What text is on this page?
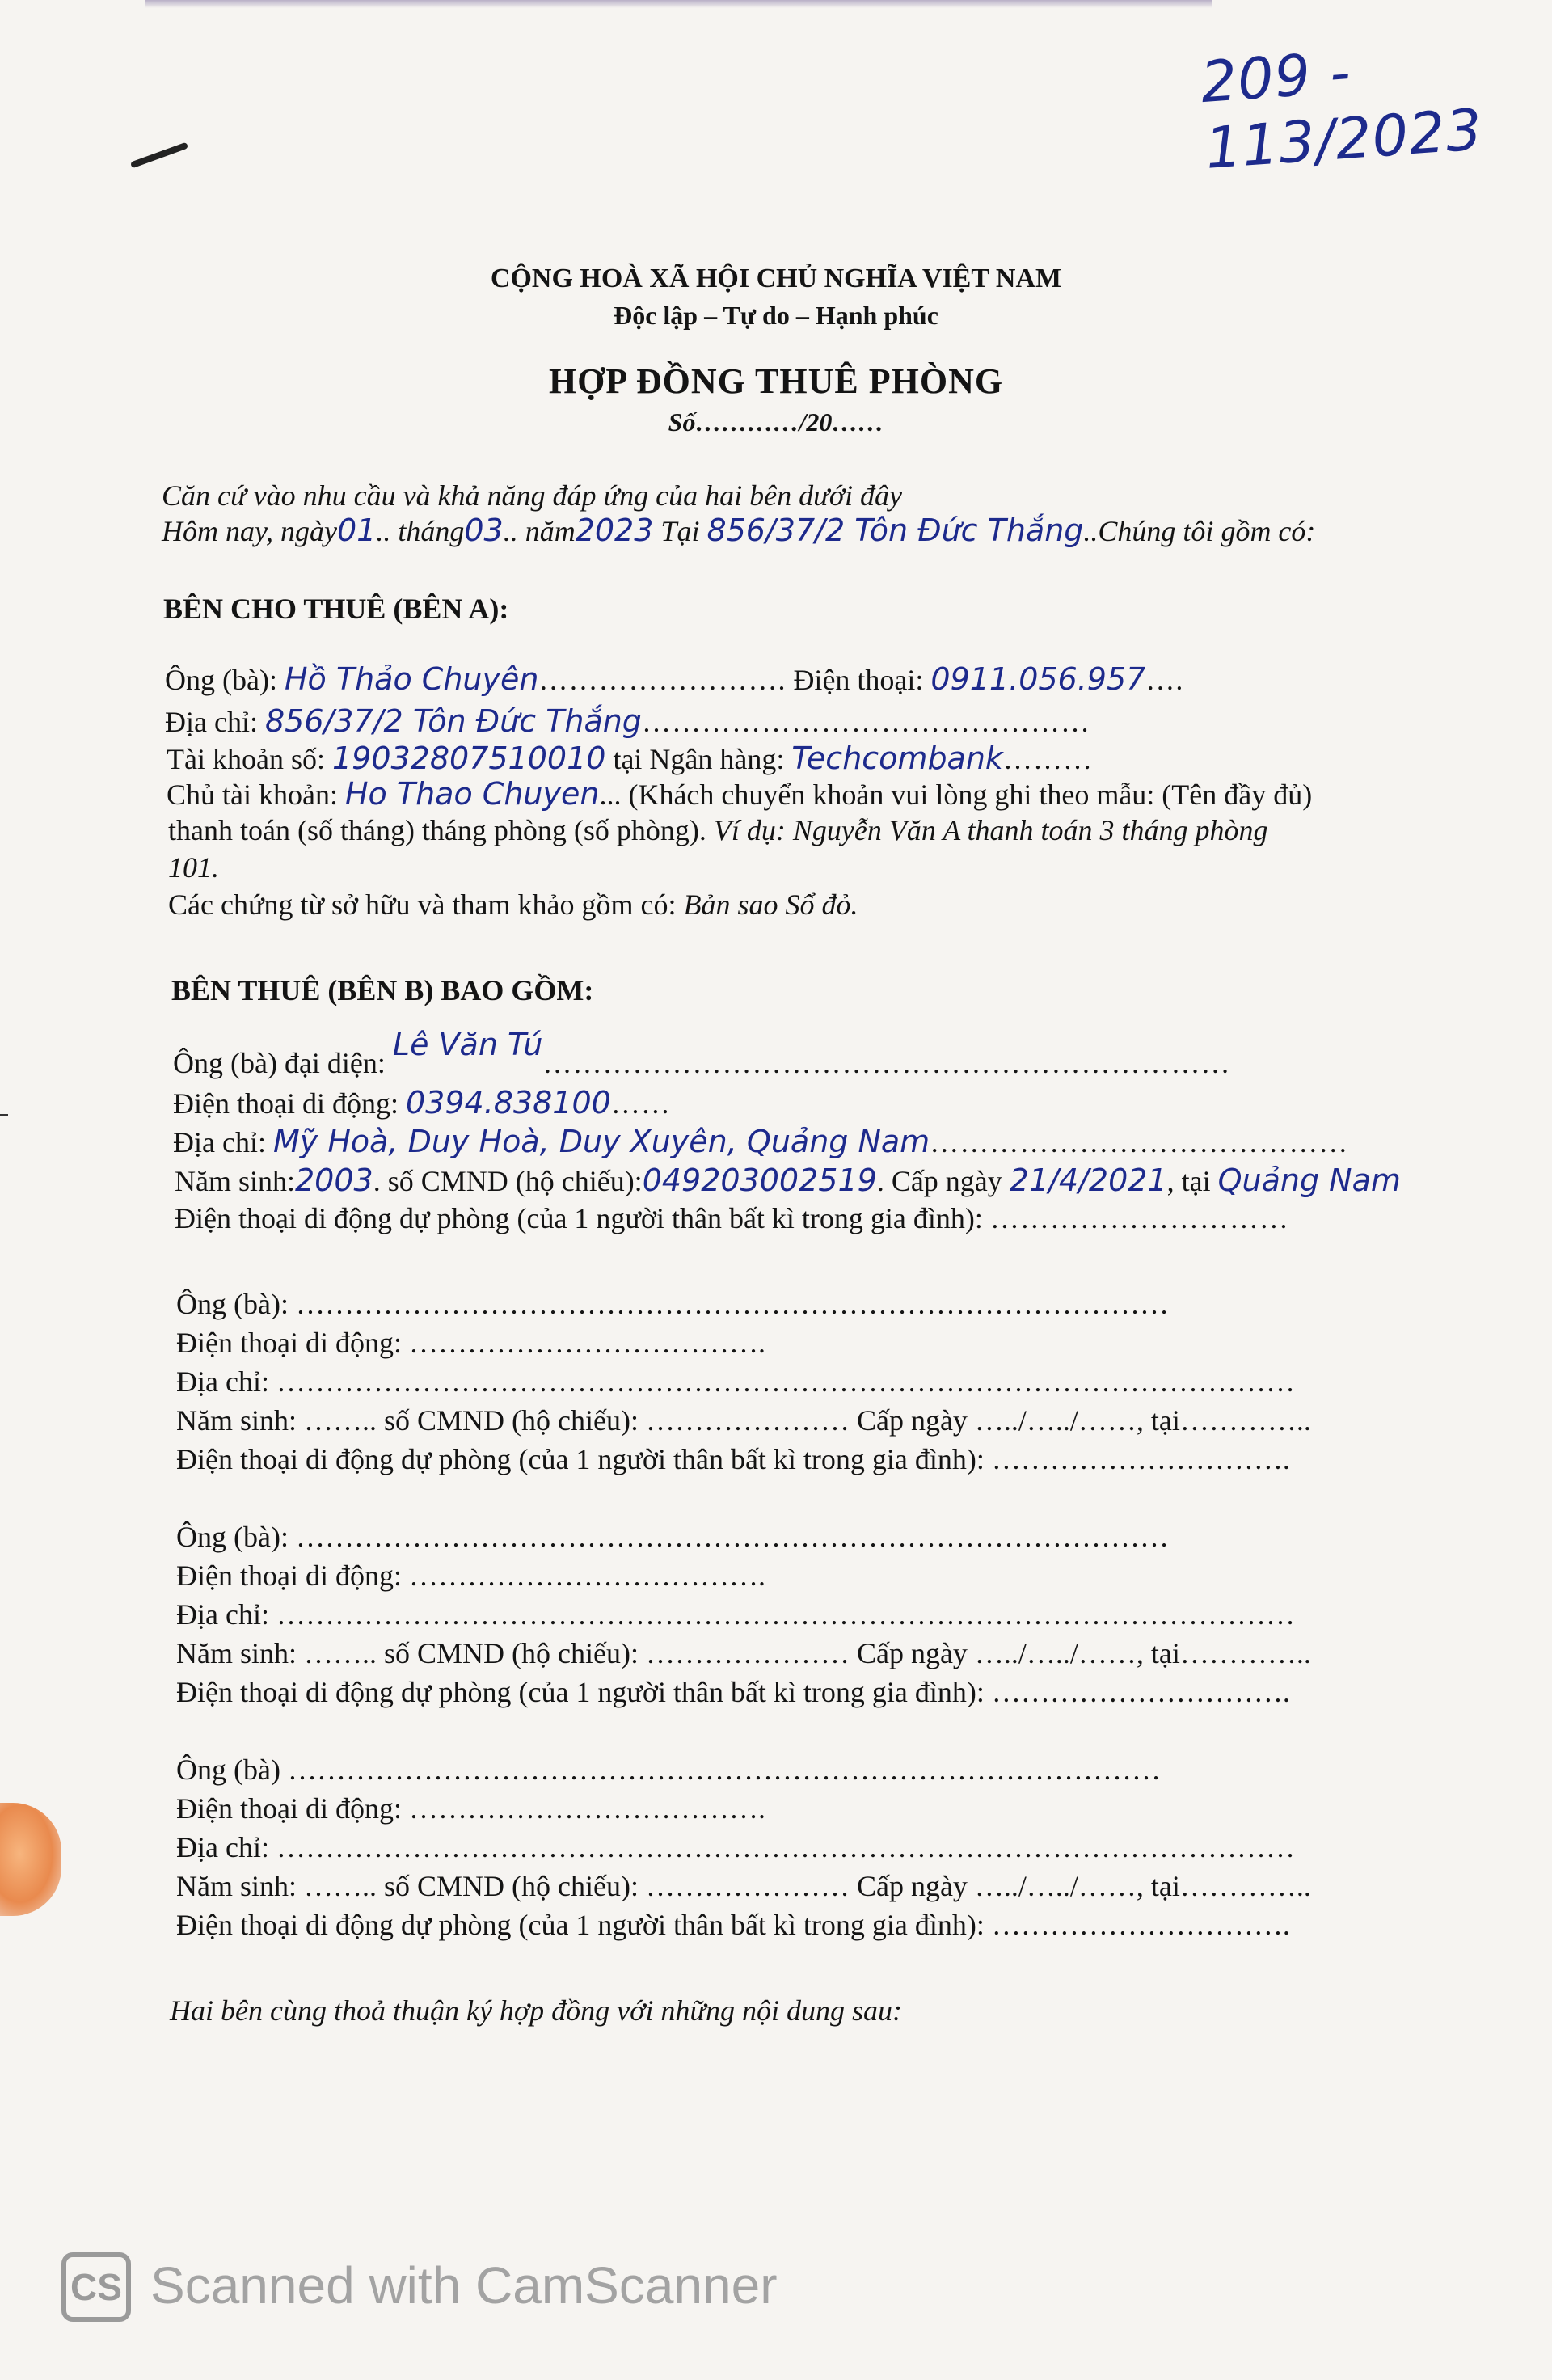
209 - 113/2023
CỘNG HOÀ XÃ HỘI CHỦ NGHĨA VIỆT NAM
Độc lập – Tự do – Hạnh phúc
HỢP ĐỒNG THUÊ PHÒNG
Số…………/20……
Căn cứ vào nhu cầu và khả năng đáp ứng của hai bên dưới đây
Hôm nay, ngày01.. tháng03.. năm2023 Tại 856/37/2 Tôn Đức Thắng..Chúng tôi gồm có:
BÊN CHO THUÊ (BÊN A):
Ông (bà): Hồ Thảo Chuyên……………………. Điện thoại: 0911.056.957….
Địa chỉ: 856/37/2 Tôn Đức Thắng………………………………………
Tài khoản số: 19032807510010 tại Ngân hàng: Techcombank………
Chủ tài khoản: Ho Thao Chuyen... (Khách chuyển khoản vui lòng ghi theo mẫu: (Tên đầy đủ)
thanh toán (số tháng) tháng phòng (số phòng). Ví dụ: Nguyễn Văn A thanh toán 3 tháng phòng
101.
Các chứng từ sở hữu và tham khảo gồm có: Bản sao Sổ đỏ.
BÊN THUÊ (BÊN B) BAO GỒM:
Ông (bà) đại diện: Lê Văn Tú……………………………………………………………
Điện thoại di động: 0394.838100……
Địa chỉ: Mỹ Hoà, Duy Hoà, Duy Xuyên, Quảng Nam……………………………………
Năm sinh:2003. số CMND (hộ chiếu):049203002519. Cấp ngày 21/4/2021, tại Quảng Nam
Điện thoại di động dự phòng (của 1 người thân bất kì trong gia đình): …………………………
Ông (bà): ………………………………………………………………………………
Điện thoại di động: ……………………………….
Địa chỉ: ……………………………………………………………………………………………
Năm sinh: …….. số CMND (hộ chiếu): ………………… Cấp ngày …../…../……, tại…………..
Điện thoại di động dự phòng (của 1 người thân bất kì trong gia đình): ………………………….
Ông (bà): ………………………………………………………………………………
Điện thoại di động: ……………………………….
Địa chỉ: ……………………………………………………………………………………………
Năm sinh: …….. số CMND (hộ chiếu): ………………… Cấp ngày …../…../……, tại…………..
Điện thoại di động dự phòng (của 1 người thân bất kì trong gia đình): ………………………….
Ông (bà) ………………………………………………………………………………
Điện thoại di động: ……………………………….
Địa chỉ: ……………………………………………………………………………………………
Năm sinh: …….. số CMND (hộ chiếu): ………………… Cấp ngày …../…../……, tại…………..
Điện thoại di động dự phòng (của 1 người thân bất kì trong gia đình): ………………………….
Hai bên cùng thoả thuận ký hợp đồng với những nội dung sau:
CS Scanned with CamScanner
